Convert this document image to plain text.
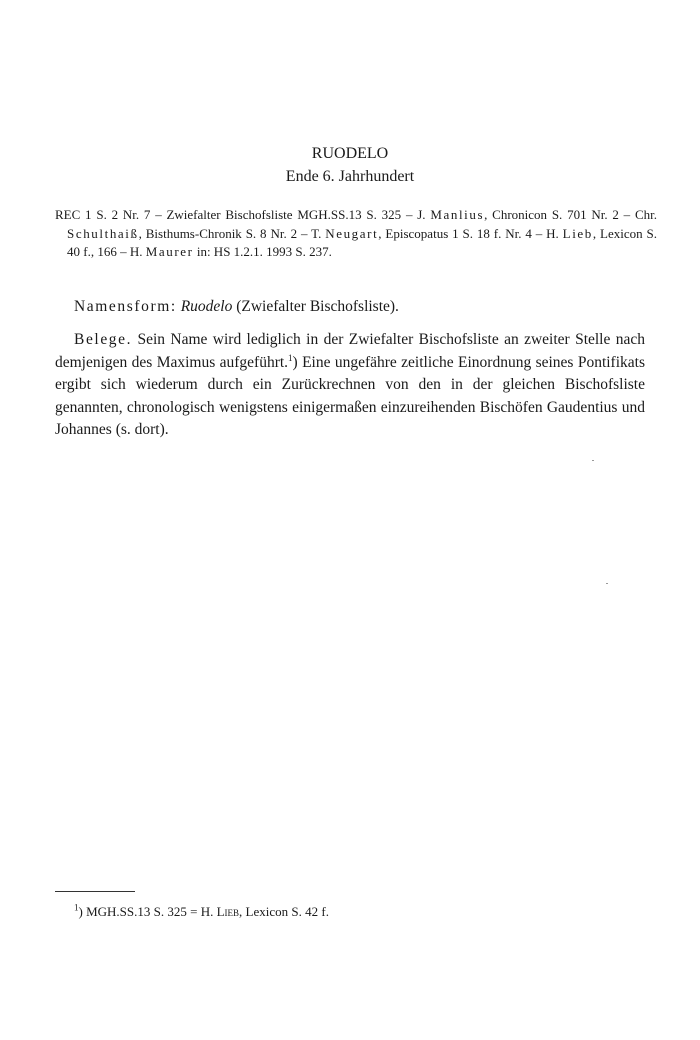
RUODELO
Ende 6. Jahrhundert
REC 1 S. 2 Nr. 7 – Zwiefalter Bischofsliste MGH.SS.13 S. 325 – J. Manlius, Chronicon S. 701 Nr. 2 – Chr. Schulthaiß, Bisthums-Chronik S. 8 Nr. 2 – T. Neugart, Episcopatus 1 S. 18 f. Nr. 4 – H. Lieb, Lexicon S. 40 f., 166 – H. Maurer in: HS 1.2.1. 1993 S. 237.
Namensform: Ruodelo (Zwiefalter Bischofsliste).
Belege. Sein Name wird lediglich in der Zwiefalter Bischofsliste an zweiter Stelle nach demjenigen des Maximus aufgeführt.$^1$) Eine ungefähre zeitliche Einordnung seines Pontifikats ergibt sich wiederum durch ein Zurückrechnen von den in der gleichen Bischofsliste genannten, chronologisch wenigstens einigermaßen einzureihenden Bischöfen Gaudentius und Johannes (s. dort).
$^1$) MGH.SS.13 S. 325 = H. Lieb, Lexicon S. 42 f.
